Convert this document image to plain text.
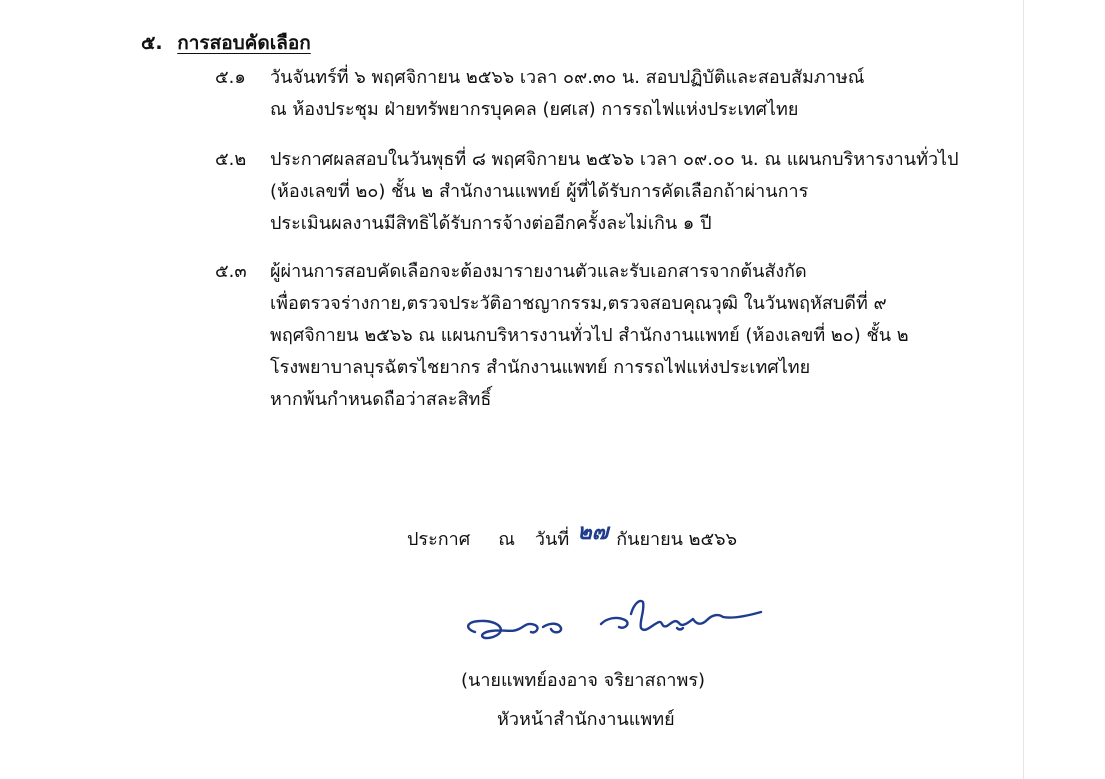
๕. การสอบคัดเลือก
๕.๑ วันจันทร์ที่ ๖ พฤศจิกายน ๒๕๖๖ เวลา ๐๙.๓๐ น. สอบปฏิบัติและสอบสัมภาษณ์
ณ ห้องประชุม ฝ่ายทรัพยากรบุคคล (ยศเส) การรถไฟแห่งประเทศไทย
๕.๒ ประกาศผลสอบในวันพุธที่ ๘ พฤศจิกายน ๒๕๖๖ เวลา ๐๙.๐๐ น. ณ แผนกบริหารงานทั่วไป
(ห้องเลขที่ ๒๐) ชั้น ๒ สำนักงานแพทย์ ผู้ที่ได้รับการคัดเลือกถ้าผ่านการ
ประเมินผลงานมีสิทธิได้รับการจ้างต่ออีกครั้งละไม่เกิน ๑ ปี
๕.๓ ผู้ผ่านการสอบคัดเลือกจะต้องมารายงานตัวและรับเอกสารจากต้นสังกัด
เพื่อตรวจร่างกาย,ตรวจประวัติอาชญากรรม,ตรวจสอบคุณวุฒิ ในวันพฤหัสบดีที่ ๙
พฤศจิกายน ๒๕๖๖ ณ แผนกบริหารงานทั่วไป สำนักงานแพทย์ (ห้องเลขที่ ๒๐) ชั้น ๒
โรงพยาบาลบุรฉัตรไชยากร สำนักงานแพทย์ การรถไฟแห่งประเทศไทย
หากพ้นกำหนดถือว่าสละสิทธิ์
ประกาศ ณ วันที่ ๒๗ กันยายน ๒๕๖๖
(นายแพทย์องอาจ จริยาสถาพร)
หัวหน้าสำนักงานแพทย์
